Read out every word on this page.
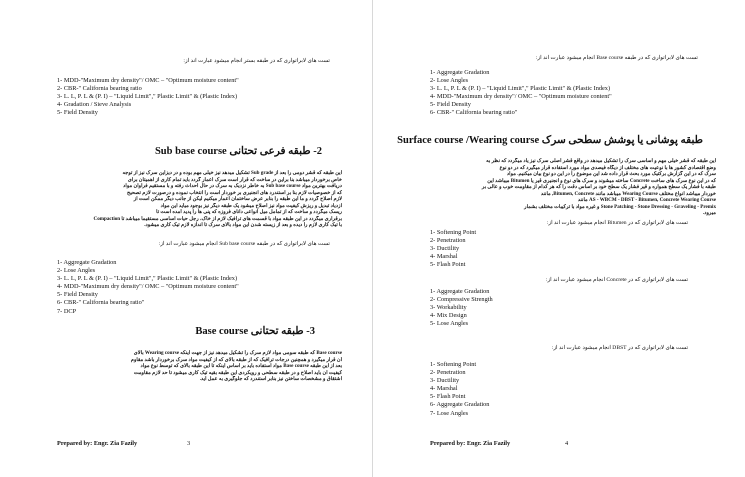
تست های لابراتواری که در طبقه بستر انجام میشود عبارت اند از:
1- MDD-"Maximum dry density"/ OMC – "Optimum moisture content"
2- CBR-" California bearing ratio
3- L. L, P. L & (P. I) – "Liquid Limit"," Plastic Limit" & (Plastic Index)
4- Gradation / Sieve Analysis
5- Field Density
2- طبقه فرعی تحتانی Sub base course
این طبقه که قشر دومی را بعد از Sub grade تشکیل میدهد نیز خیلی مهم بوده و در دیزاین سرک نیز از توجه
خاص برخوردار میباشد بنا براین در ساخت که قرار است سرک اعمار گردد باید تمام کاری از اهمیتان برای
دریافت بهترین مواد Sub base course به خاطر نزدیک به سرک در حال احداث رفته و با مستقیم فراوان مواد
که از خصوصیات لازم بنا بر استندرد های انجنیری بر خوردار است را انتخاب نموده و درصورت لازم تصحیح
لازم اصلاح گردد و ما این طبقه را بنابر عرض ساختمان اعمار میکنیم لیکن از جانب دیگر ممکن است از
ازدیاد تبدیل و ریزش کیفیت مواد نیز اصلاح میشود یک طبقه دیگر نیز بوجود میآید این مواد
ریسک میگردد و ساخت که از تمامل میل انواعی دانای فروزه که پنی ها را پدید آمده است تا
برقراری میگردد در این طبقه مواد با قسمت های ترافیک لازم از خاک، رجل حیات اساسی مستقیماً میباشد تا Compaction
با تیک کاری لازم را دیده و بعد از زیسته شدن این مواد بالای سرک تا اندازه لازم تیک کاری میشود.
تست های لابراتواری که در طبقه Sub base course انجام میشود عبارت اند از:
1- Aggregate Gradation
2- Lose Angles
3- L. L, P. L & (P. I) – "Liquid Limit"," Plastic Limit" & (Plastic Index)
4- MDD-"Maximum dry density"/ OMC – "Optimum moisture content"
5- Field Density
6- CBR-" California bearing ratio"
7- DCP
3- طبقه تحتانی Base course
Base course که طبقه سومی مواد لازم سرک را تشکیل میدهد نیز از جهت اینکه Wearing course بالای
آن قرار میگیرد و همچنین درجات ترافیک که از طبقه بالای که از کیفیت مواد سرک برخوردار باشد مقاوم
بعد از این طبقه Base course مواد استفاده باید بر اساس اینکه تا این طبقه بالای که توسط نوع مواد
کیفیت آن باید اصلاح و در طبقه سطحی و رویکردی این طبقه بقیه تیک کاری میشود تا حد لازم مقاومت
اشتقاق و مشخصات ساختن نیز بنابر استندرد که جلوگیری به عمل آید.
Prepared by: Engr. Zia Fazily	3
تست های لابراتواری که در طبقه Base course انجام میشود عبارت اند از:
1- Aggregate Gradation
2- Lose Angles
3- L. L, P. L & (P. I) – "Liquid Limit"," Plastic Limit" & (Plastic Index)
4- MDD-"Maximum dry density"/ OMC – "Optimum moisture content"
5- Field Density
6- CBR-" California bearing ratio"
طبقه پوشانی یا پوشش سطحی سرک Surface course /Wearing course
این طبقه که قشر خیلی مهم و اساسی سرک را تشکیل میدهد در واقع قشر اصلی سرک نیز یاد میگردد که نظر به
وضع اقتصادی کشور ها با نوعیت های مختلف از دیگاه فیصدی مواد مورد استفاده قرار میگیرد که در دو نوع
سرک که در این گزارش برکتیک مورد بحث قرار داده شد این موضوع را در این دو نوع بیان میکنیم. مواد
که در این نوع سرک های ساخت Concrete ساخته میشوند و سرک های نوع و انجنیری قیر یا Bitumen میباشد این
طبقه با فشار یک سطح همواره و قیر فشار یک سطح خود بر اساس دقت را که هر کدام از مقاومت خوب و عالی بر
خوردار میباشد انواع مختلف Wearing Course میباشد مانند Bitumen, Concrete, مانند
AS - WBCM - DBST - Bitumen, Concrete Wearing Course مانند
Stone Patching - Stone Dressing - Graveling - Premix و غیره مواد با ترکیبات مختلف بشمار
میرود.
تست های لابراتواری که در Bitumen انجام میشود عبارت اند از:
1- Softening Point
2- Penetration
3- Ductility
4- Marshal
5- Flash Point
تست های لابراتواری که در Concrete انجام میشود عبارت اند از:
1- Aggregate Gradation
2- Compressive Strength
3- Workability
4- Mix Design
5- Lose Angles
تست های لابراتواری که در DBST انجام میشود عبارت اند از:
1- Softening Point
2- Penetration
3- Ductility
4- Marshal
5- Flash Point
6- Aggregate Gradation
7- Lose Angles
Prepared by: Engr. Zia Fazily	4
